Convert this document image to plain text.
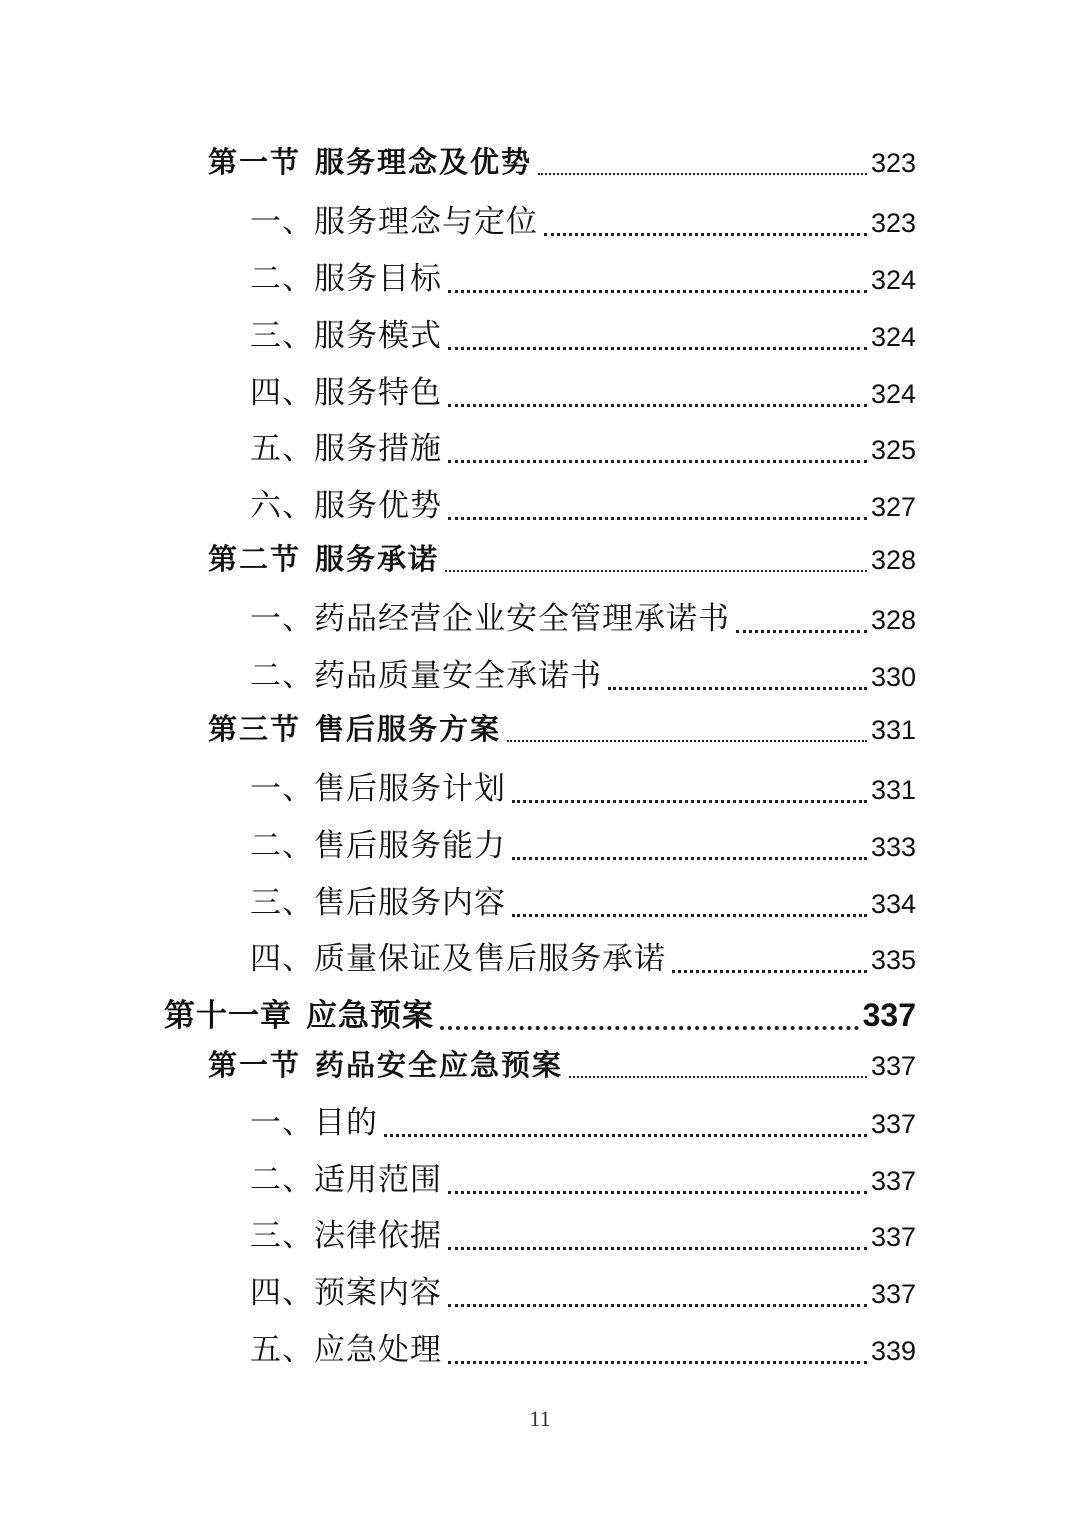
第一节 服务理念及优势	323
一、服务理念与定位	323
二、服务目标	324
三、服务模式	324
四、服务特色	324
五、服务措施	325
六、服务优势	327
第二节 服务承诺	328
一、药品经营企业安全管理承诺书	328
二、药品质量安全承诺书	330
第三节 售后服务方案	331
一、售后服务计划	331
二、售后服务能力	333
三、售后服务内容	334
四、质量保证及售后服务承诺	335
第十一章 应急预案	337
第一节 药品安全应急预案	337
一、目的	337
二、适用范围	337
三、法律依据	337
四、预案内容	337
五、应急处理	339
11
